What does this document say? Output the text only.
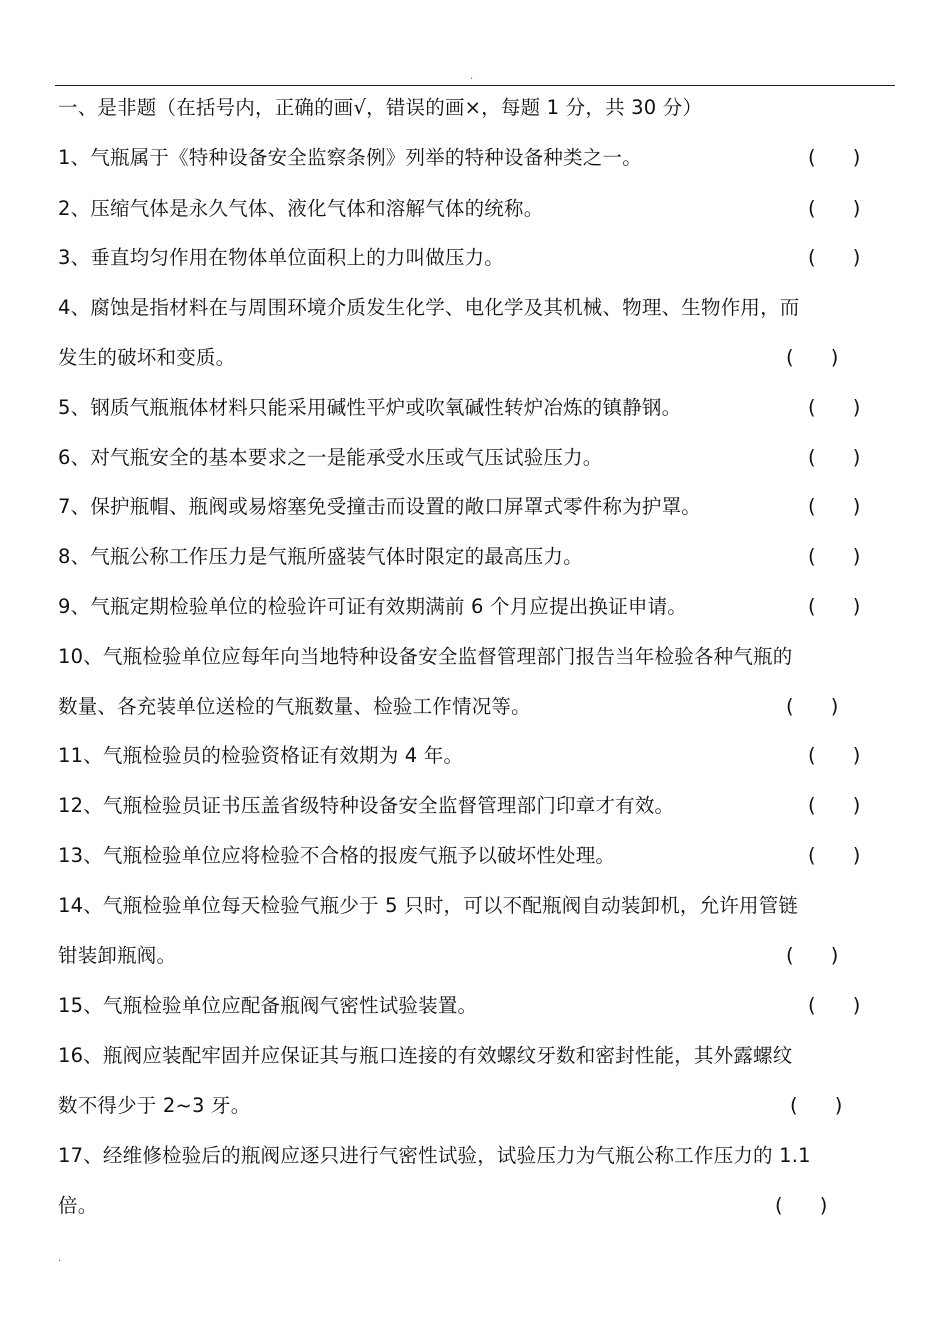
.
一、是非题（在括号内，正确的画√，错误的画×，每题 1 分，共 30 分）
1、气瓶属于《特种设备安全监察条例》列举的特种设备种类之一。	(      )
2、压缩气体是永久气体、液化气体和溶解气体的统称。	(      )
3、垂直均匀作用在物体单位面积上的力叫做压力。	(      )
4、腐蚀是指材料在与周围环境介质发生化学、电化学及其机械、物理、生物作用，而
发生的破坏和变质。	(      )
5、钢质气瓶瓶体材料只能采用碱性平炉或吹氧碱性转炉冶炼的镇静钢。	(      )
6、对气瓶安全的基本要求之一是能承受水压或气压试验压力。	(      )
7、保护瓶帽、瓶阀或易熔塞免受撞击而设置的敞口屏罩式零件称为护罩。	(      )
8、气瓶公称工作压力是气瓶所盛装气体时限定的最高压力。	(      )
9、气瓶定期检验单位的检验许可证有效期满前 6 个月应提出换证申请。	(      )
10、气瓶检验单位应每年向当地特种设备安全监督管理部门报告当年检验各种气瓶的
数量、各充装单位送检的气瓶数量、检验工作情况等。	(      )
11、气瓶检验员的检验资格证有效期为 4 年。	(      )
12、气瓶检验员证书压盖省级特种设备安全监督管理部门印章才有效。	(      )
13、气瓶检验单位应将检验不合格的报废气瓶予以破坏性处理。	(      )
14、气瓶检验单位每天检验气瓶少于 5 只时，可以不配瓶阀自动装卸机，允许用管链
钳装卸瓶阀。	(      )
15、气瓶检验单位应配备瓶阀气密性试验装置。	(      )
16、瓶阀应装配牢固并应保证其与瓶口连接的有效螺纹牙数和密封性能，其外露螺纹
数不得少于 2~3 牙。	(      )
17、经维修检验后的瓶阀应逐只进行气密性试验，试验压力为气瓶公称工作压力的 1.1
倍。	(      )
.
